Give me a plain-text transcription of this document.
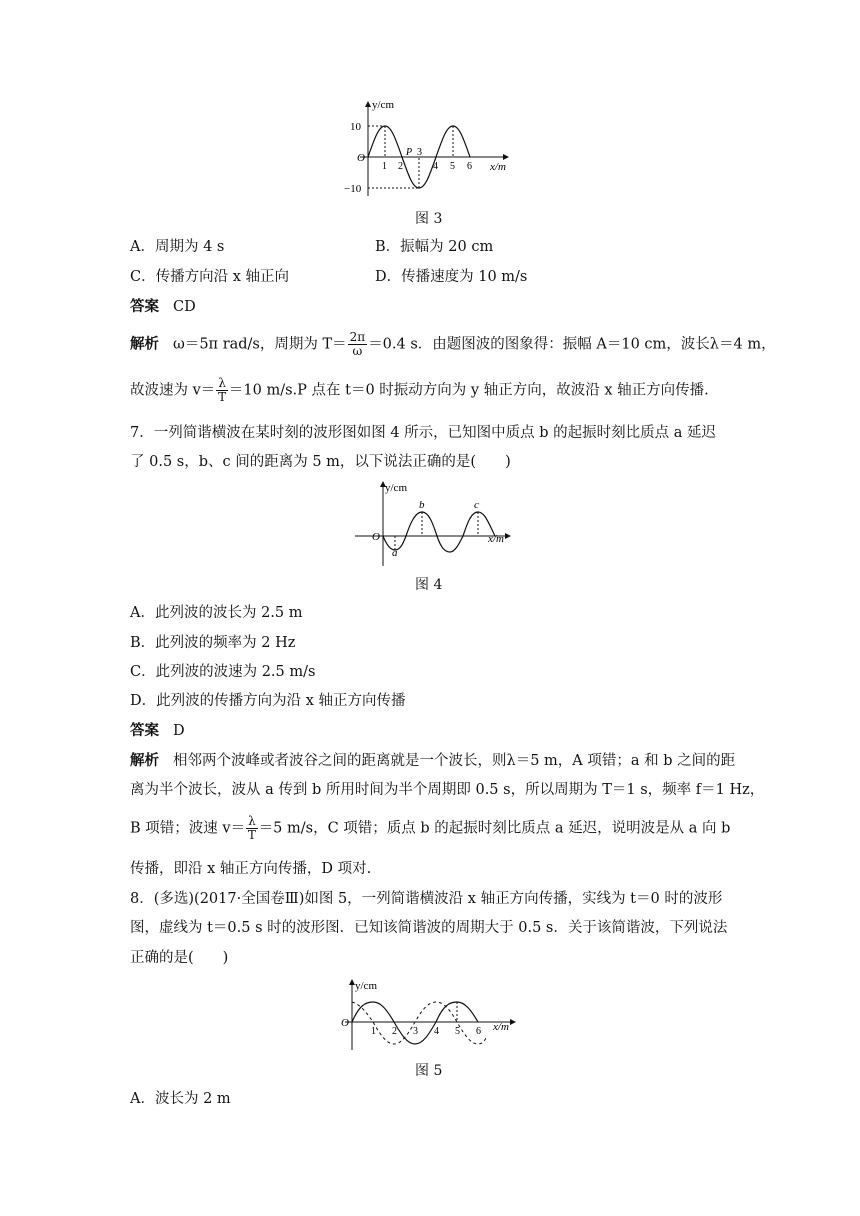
y/cm
10
−10
O
1 2
P 3
4 5 6 x/m
图 3
A．周期为 4 s	B．振幅为 20 cm
C．传播方向沿 x 轴正向	D．传播速度为 10 m/s
答案 CD
解析 ω＝5π rad/s，周期为 $T= \frac{2\pi}{\omega} =0.4$ s．由题图波的图象得：振幅 A＝10 cm，波长λ＝4 m，
故波速为 $v= \frac{\lambda}{T} =10$ m/s.P 点在 t＝0 时振动方向为 y 轴正方向，故波沿 x 轴正方向传播.
7．一列简谐横波在某时刻的波形图如图 4 所示，已知图中质点 b 的起振时刻比质点 a 延迟
了 0.5 s，b、c 间的距离为 5 m，以下说法正确的是(　　)
y/cm
O
a
b	c
x/m
图 4
A．此列波的波长为 2.5 m
B．此列波的频率为 2 Hz
C．此列波的波速为 2.5 m/s
D．此列波的传播方向为沿 x 轴正方向传播
答案 D
解析 相邻两个波峰或者波谷之间的距离就是一个波长，则λ＝5 m，A 项错；a 和 b 之间的距
离为半个波长，波从 a 传到 b 所用时间为半个周期即 0.5 s，所以周期为 T＝1 s，频率 f＝1 Hz，
B 项错；波速 $v= \frac{\lambda}{T} =5$ m/s，C 项错；质点 b 的起振时刻比质点 a 延迟，说明波是从 a 向 b
传播，即沿 x 轴正方向传播，D 项对.
8．(多选)(2017·全国卷Ⅲ)如图 5，一列简谐横波沿 x 轴正方向传播，实线为 t＝0 时的波形
图，虚线为 t＝0.5 s 时的波形图．已知该简谐波的周期大于 0.5 s．关于该简谐波，下列说法
正确的是(　　)
y/cm
O
1 2 3 4 5 6 x/m
图 5
A．波长为 2 m
